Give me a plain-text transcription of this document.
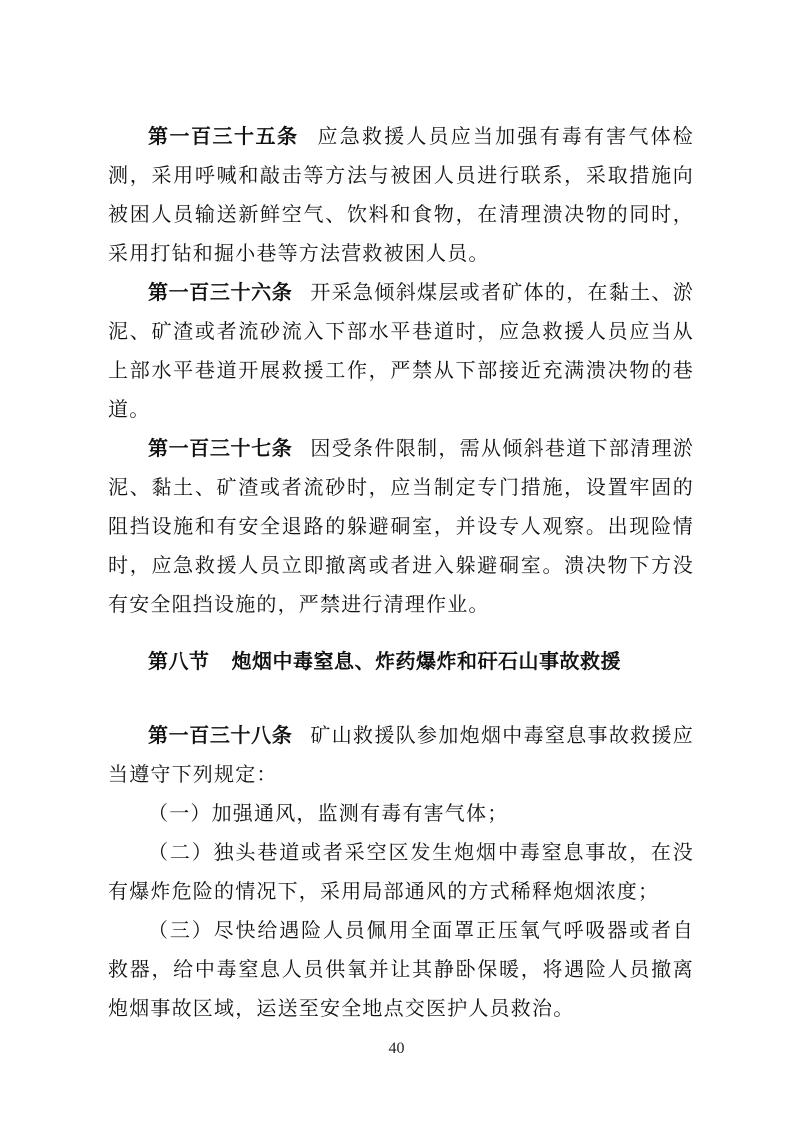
第一百三十五条 应急救援人员应当加强有毒有害气体检测，采用呼喊和敲击等方法与被困人员进行联系，采取措施向被困人员输送新鲜空气、饮料和食物，在清理溃决物的同时，采用打钻和掘小巷等方法营救被困人员。

第一百三十六条 开采急倾斜煤层或者矿体的，在黏土、淤泥、矿渣或者流砂流入下部水平巷道时，应急救援人员应当从上部水平巷道开展救援工作，严禁从下部接近充满溃决物的巷道。

第一百三十七条 因受条件限制，需从倾斜巷道下部清理淤泥、黏土、矿渣或者流砂时，应当制定专门措施，设置牢固的阻挡设施和有安全退路的躲避硐室，并设专人观察。出现险情时，应急救援人员立即撤离或者进入躲避硐室。溃决物下方没有安全阻挡设施的，严禁进行清理作业。

第八节 炮烟中毒窒息、炸药爆炸和矸石山事故救援

第一百三十八条 矿山救援队参加炮烟中毒窒息事故救援应当遵守下列规定：

（一）加强通风，监测有毒有害气体；

（二）独头巷道或者采空区发生炮烟中毒窒息事故，在没有爆炸危险的情况下，采用局部通风的方式稀释炮烟浓度；

（三）尽快给遇险人员佩用全面罩正压氧气呼吸器或者自救器，给中毒窒息人员供氧并让其静卧保暖，将遇险人员撤离炮烟事故区域，运送至安全地点交医护人员救治。

40
